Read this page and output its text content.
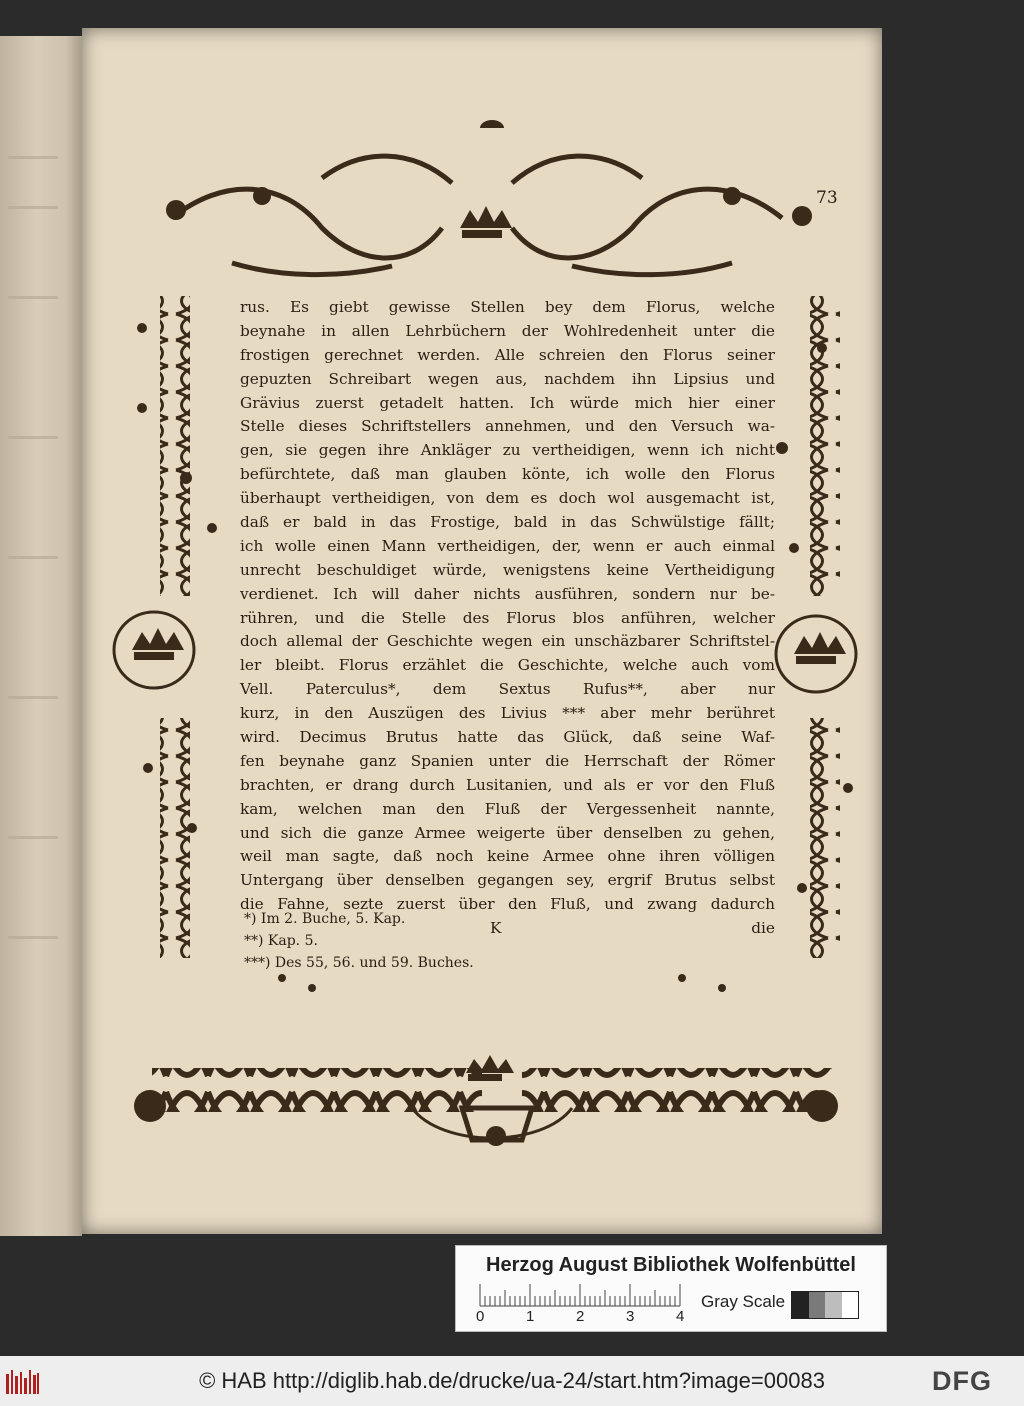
73
rus. Es giebt gewisse Stellen bey dem Florus, welche
beynahe in allen Lehrbüchern der Wohlredenheit unter die
frostigen gerechnet werden. Alle schreien den Florus seiner
gepuzten Schreibart wegen aus, nachdem ihn Lipsius und
Grävius zuerst getadelt hatten. Ich würde mich hier einer
Stelle dieses Schriftstellers annehmen, und den Versuch wa-
gen, sie gegen ihre Ankläger zu vertheidigen, wenn ich nicht
befürchtete, daß man glauben könte, ich wolle den Florus
überhaupt vertheidigen, von dem es doch wol ausgemacht ist,
daß er bald in das Frostige, bald in das Schwülstige fällt;
ich wolle einen Mann vertheidigen, der, wenn er auch einmal
unrecht beschuldiget würde, wenigstens keine Vertheidigung
verdienet. Ich will daher nichts ausführen, sondern nur be-
rühren, und die Stelle des Florus blos anführen, welcher
doch allemal der Geschichte wegen ein unschäzbarer Schriftstel-
ler bleibt. Florus erzählet die Geschichte, welche auch vom
Vell. Paterculus*, dem Sextus Rufus**, aber nur
kurz, in den Auszügen des Livius *** aber mehr berühret
wird. Decimus Brutus hatte das Glück, daß seine Waf-
fen beynahe ganz Spanien unter die Herrschaft der Römer
brachten, er drang durch Lusitanien, und als er vor den Fluß
kam, welchen man den Fluß der Vergessenheit nannte,
und sich die ganze Armee weigerte über denselben zu gehen,
weil man sagte, daß noch keine Armee ohne ihren völligen
Untergang über denselben gegangen sey, ergrif Brutus selbst
die Fahne, sezte zuerst über den Fluß, und zwang dadurch
K	die
*) Im 2. Buche, 5. Kap.
**) Kap. 5.
***) Des 55, 56. und 59. Buches.
Herzog August Bibliothek Wolfenbüttel
0	1	2	3	4
Gray Scale
© HAB http://diglib.hab.de/drucke/ua-24/start.htm?image=00083	DFG
